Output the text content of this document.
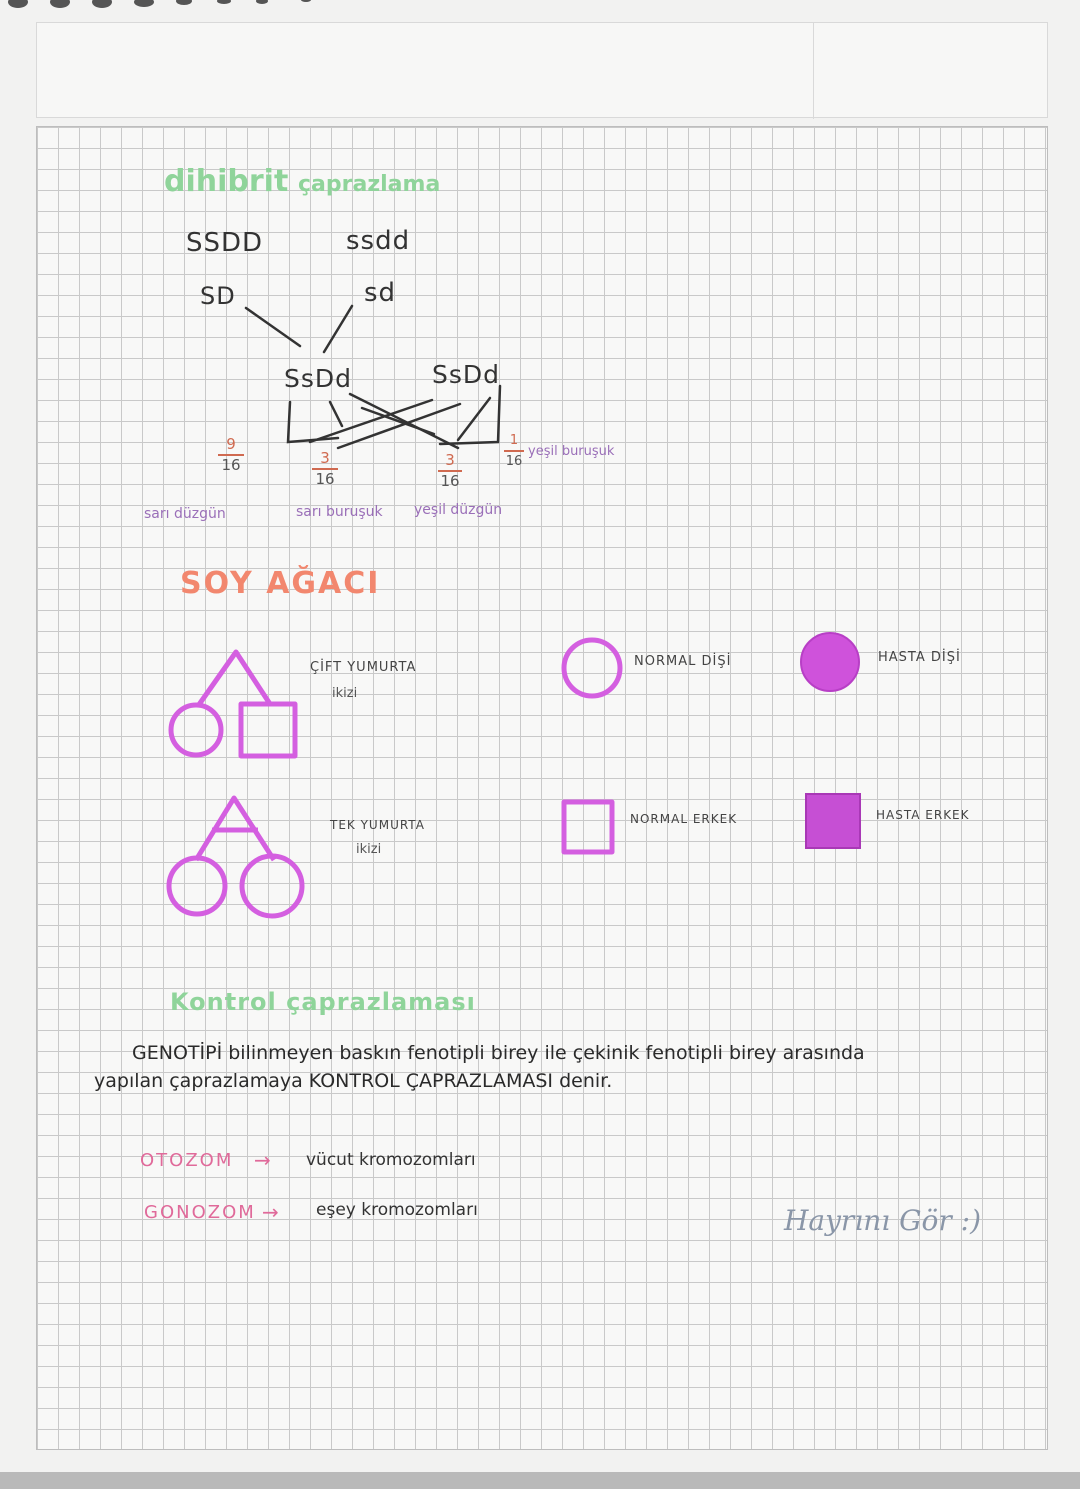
dihibrit çaprazlama
SSDD	ssdd
SD	sd
SsDd	SsDd
9
16	3
16
3
16
1
16
sarı düzgün	sarı buruşuk yeşil düzgün
yeşil buruşuk
SOY AĞACI
ÇİFT YUMURTA
ikizi
TEK YUMURTA
ikizi
NORMAL DİŞİ	HASTA DİŞİ
NORMAL ERKEK	HASTA ERKEK
Kontrol çaprazlaması
GENOTİPİ bilinmeyen baskın fenotipli birey ile çekinik fenotipli birey arasında
yapılan çaprazlamaya KONTROL ÇAPRAZLAMASI denir.
OTOZOM → vücut kromozomları
GONOZOM → eşey kromozomları	Hayrını Gör :)
